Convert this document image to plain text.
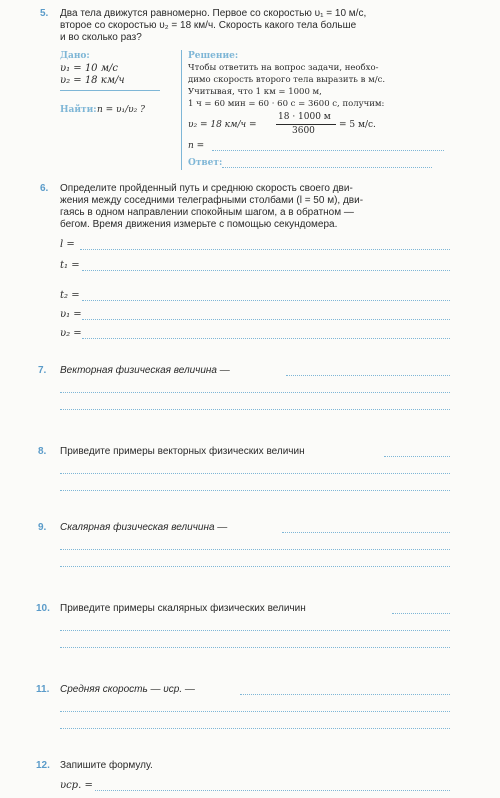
5. Два тела движутся равномерно. Первое со скоростью υ₁ = 10 м/с,
второе со скоростью υ₂ = 18 км/ч. Скорость какого тела больше
и во сколько раз?
Дано:
υ₁ = 10 м/с
υ₂ = 18 км/ч
Найти: n = υ₁/υ₂ ?
Решение:
Чтобы ответить на вопрос задачи, необхо-
димо скорость второго тела выразить в м/с.
Учитывая, что 1 км = 1000 м,
1 ч = 60 мин = 60 · 60 с = 3600 с, получим:
υ₂ = 18 км/ч =
18 · 1000 м
3600
= 5 м/с.
n =
Ответ:
6. Определите пройденный путь и среднюю скорость своего дви-
жения между соседними телеграфными столбами (l = 50 м), дви-
гаясь в одном направлении спокойным шагом, а в обратном —
бегом. Время движения измерьте с помощью секундомера.
l =
t₁ =
t₂ =
υ₁ =
υ₂ =
7. Векторная физическая величина —
8. Приведите примеры векторных физических величин
9. Скалярная физическая величина —
10. Приведите примеры скалярных физических величин
11. Средняя скорость — υср. —
12. Запишите формулу.
υср. =
